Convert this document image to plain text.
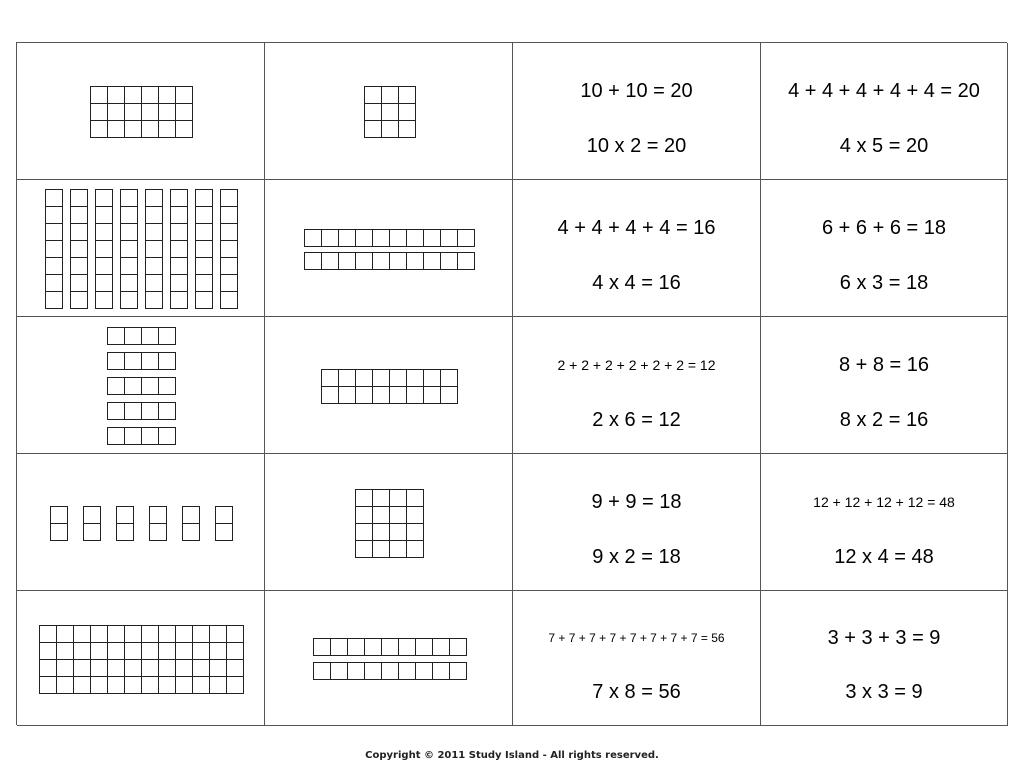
10 + 10 = 20
10 x 2 = 20
4 + 4 + 4 + 4 + 4 = 20
4 x 5 = 20
4 + 4 + 4 + 4 = 16
4 x 4 = 16
6 + 6 + 6 = 18
6 x 3 = 18
2 + 2 + 2 + 2 + 2 + 2 = 12
2 x 6 = 12
8 + 8 = 16
8 x 2 = 16
9 + 9 = 18
9 x 2 = 18
12 + 12 + 12 + 12 = 48
12 x 4 = 48
7 + 7 + 7 + 7 + 7 + 7 + 7 + 7 = 56
7 x 8 = 56
3 + 3 + 3 = 9
3 x 3 = 9
Copyright © 2011 Study Island - All rights reserved.
